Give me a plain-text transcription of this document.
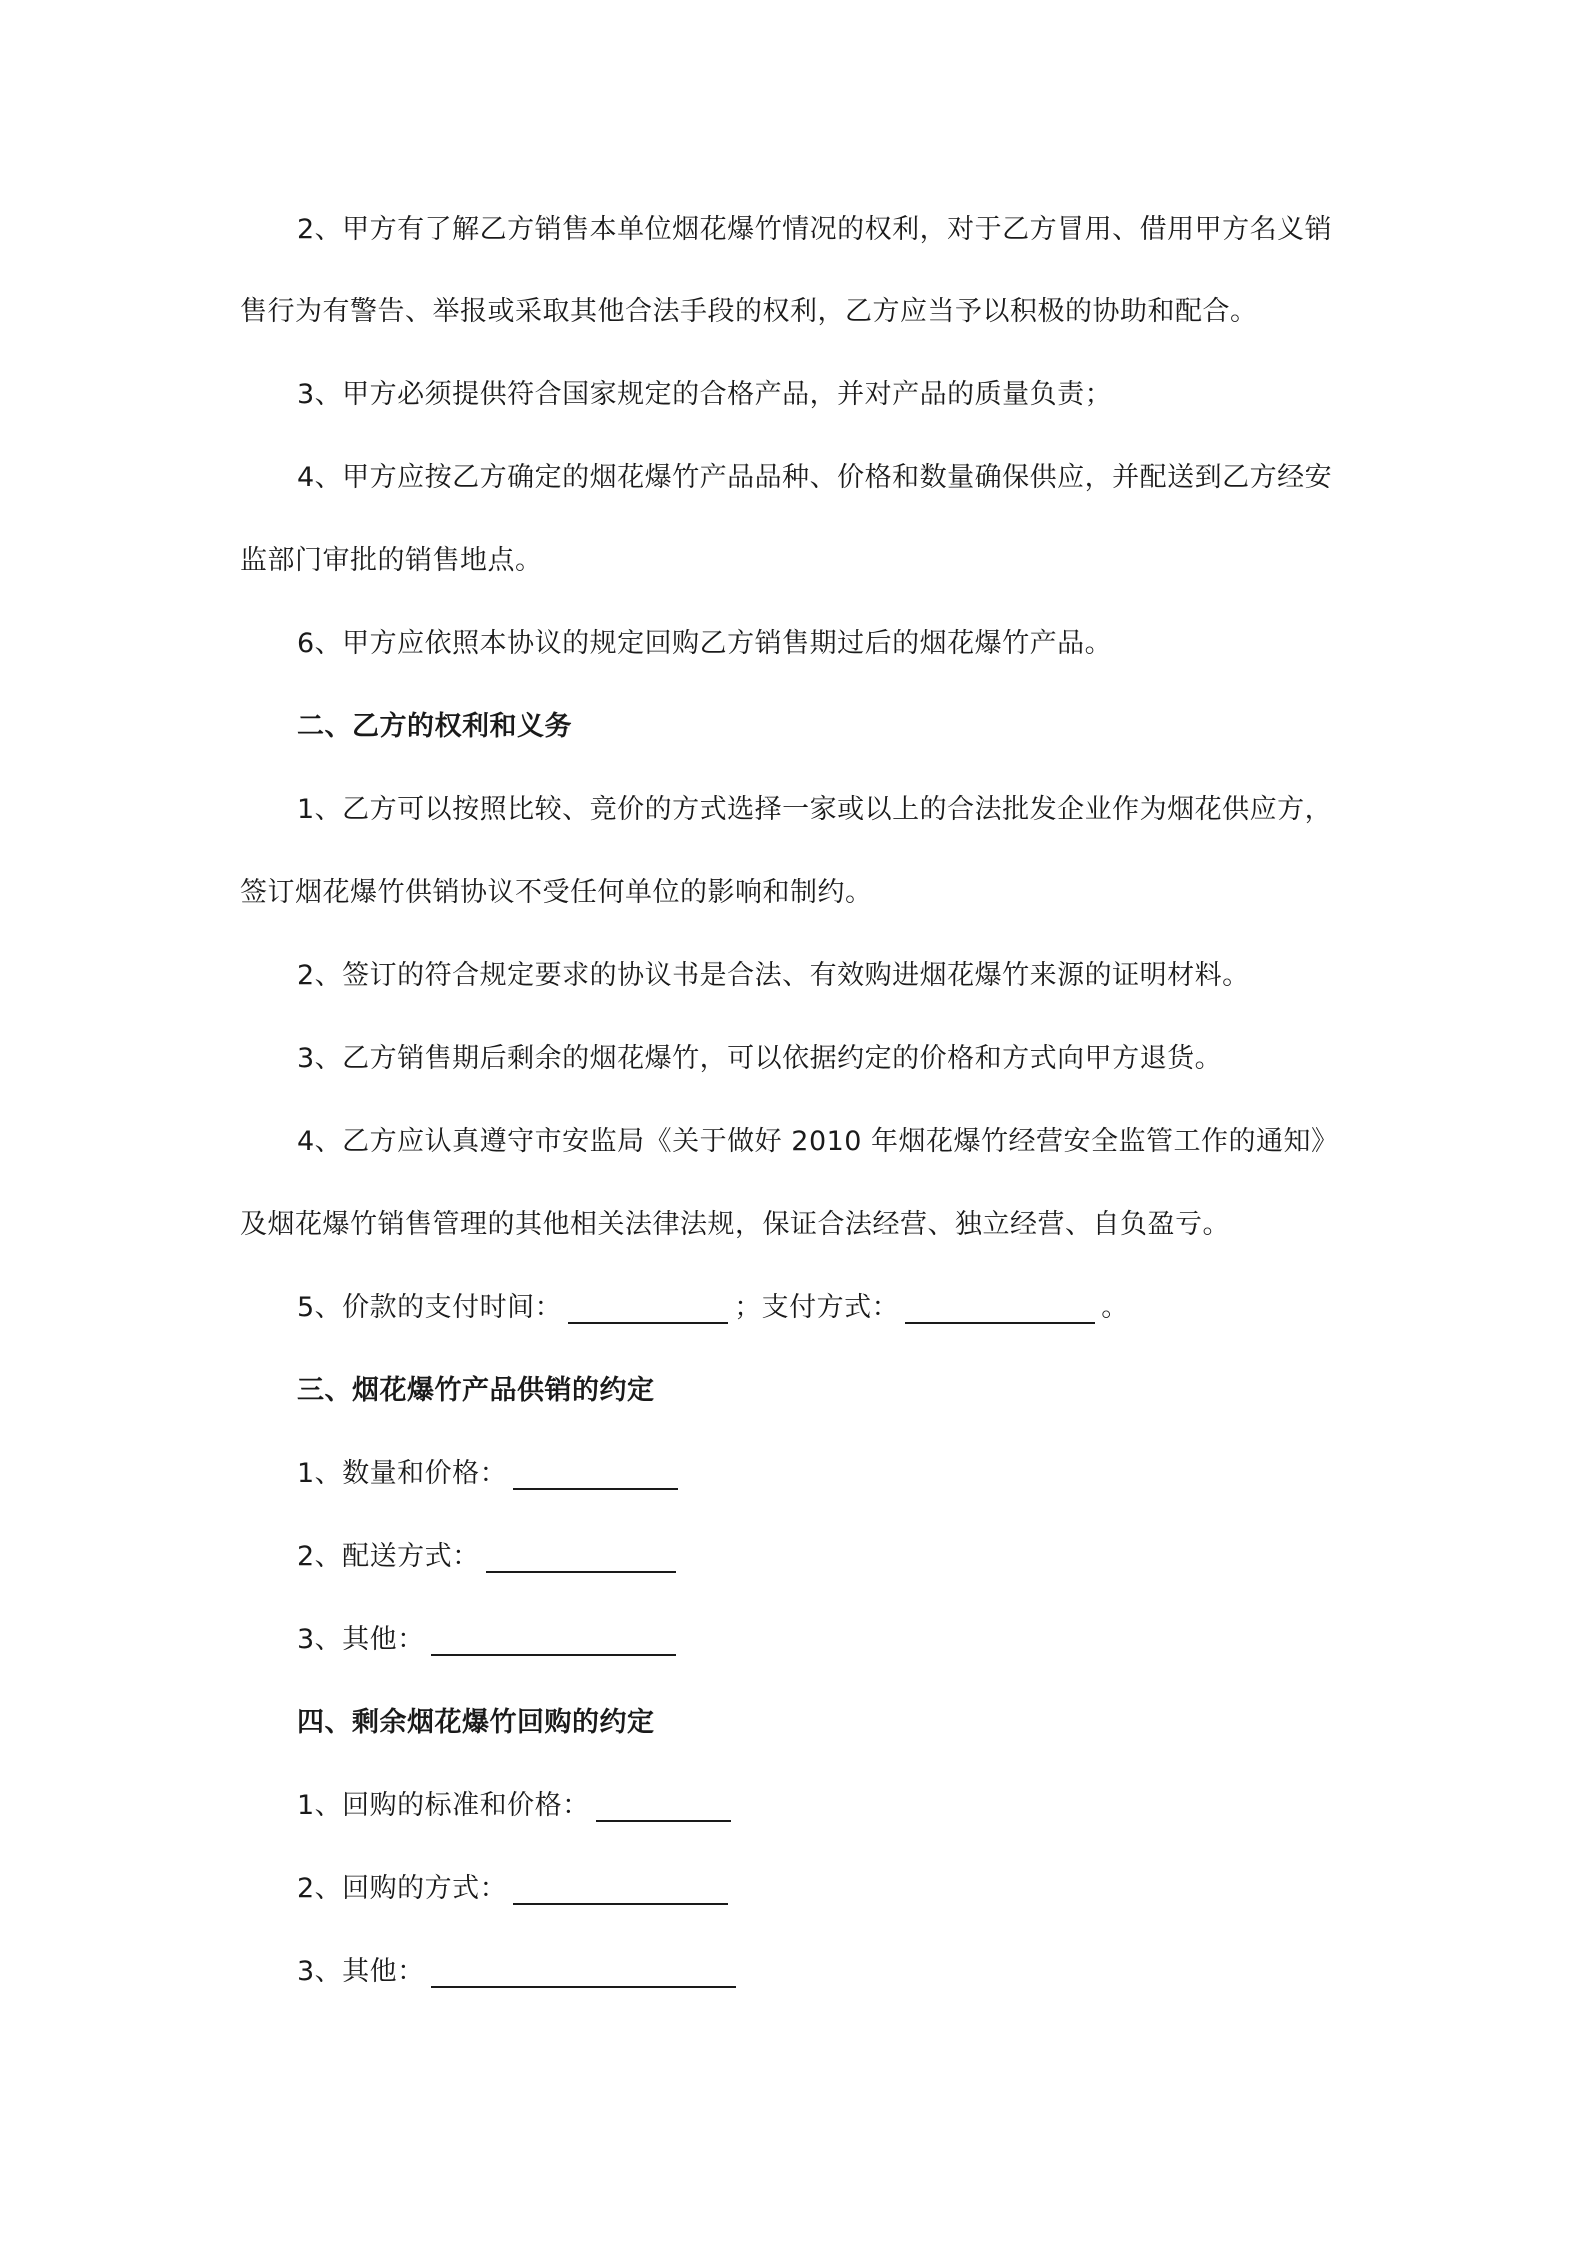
2、甲方有了解乙方销售本单位烟花爆竹情况的权利，对于乙方冒用、借用甲方名义销
售行为有警告、举报或采取其他合法手段的权利，乙方应当予以积极的协助和配合。
3、甲方必须提供符合国家规定的合格产品，并对产品的质量负责；
4、甲方应按乙方确定的烟花爆竹产品品种、价格和数量确保供应，并配送到乙方经安
监部门审批的销售地点。
6、甲方应依照本协议的规定回购乙方销售期过后的烟花爆竹产品。
二、乙方的权利和义务
1、乙方可以按照比较、竞价的方式选择一家或以上的合法批发企业作为烟花供应方，
签订烟花爆竹供销协议不受任何单位的影响和制约。
2、签订的符合规定要求的协议书是合法、有效购进烟花爆竹来源的证明材料。
3、乙方销售期后剩余的烟花爆竹，可以依据约定的价格和方式向甲方退货。
4、乙方应认真遵守市安监局《关于做好 2010 年烟花爆竹经营安全监管工作的通知》
及烟花爆竹销售管理的其他相关法律法规，保证合法经营、独立经营、自负盈亏。
5、价款的支付时间：	；支付方式：	。
三、烟花爆竹产品供销的约定
1、数量和价格：
2、配送方式：
3、其他：
四、剩余烟花爆竹回购的约定
1、回购的标准和价格：
2、回购的方式：
3、其他：
